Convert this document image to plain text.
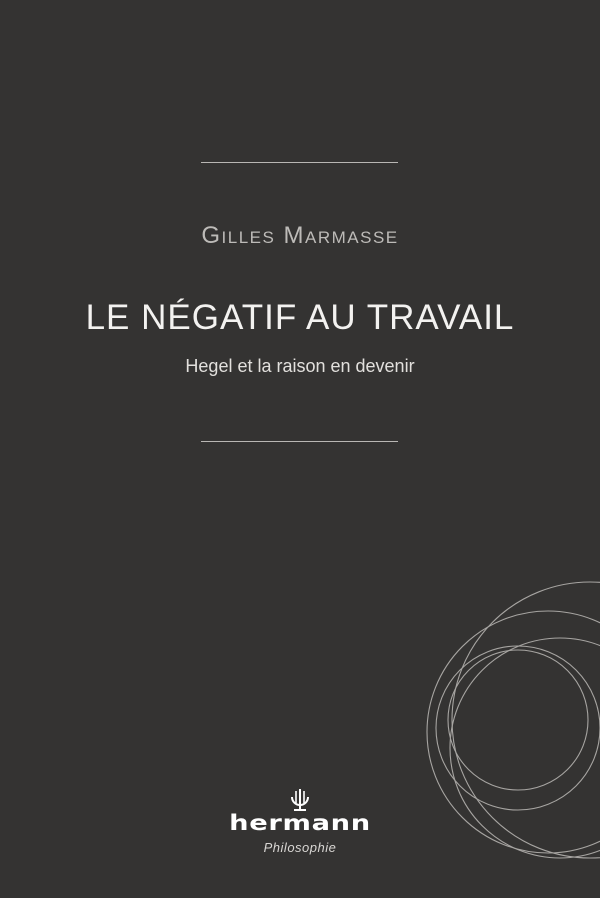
Gilles Marmasse
LE NÉGATIF AU TRAVAIL
Hegel et la raison en devenir
hermann
Philosophie
